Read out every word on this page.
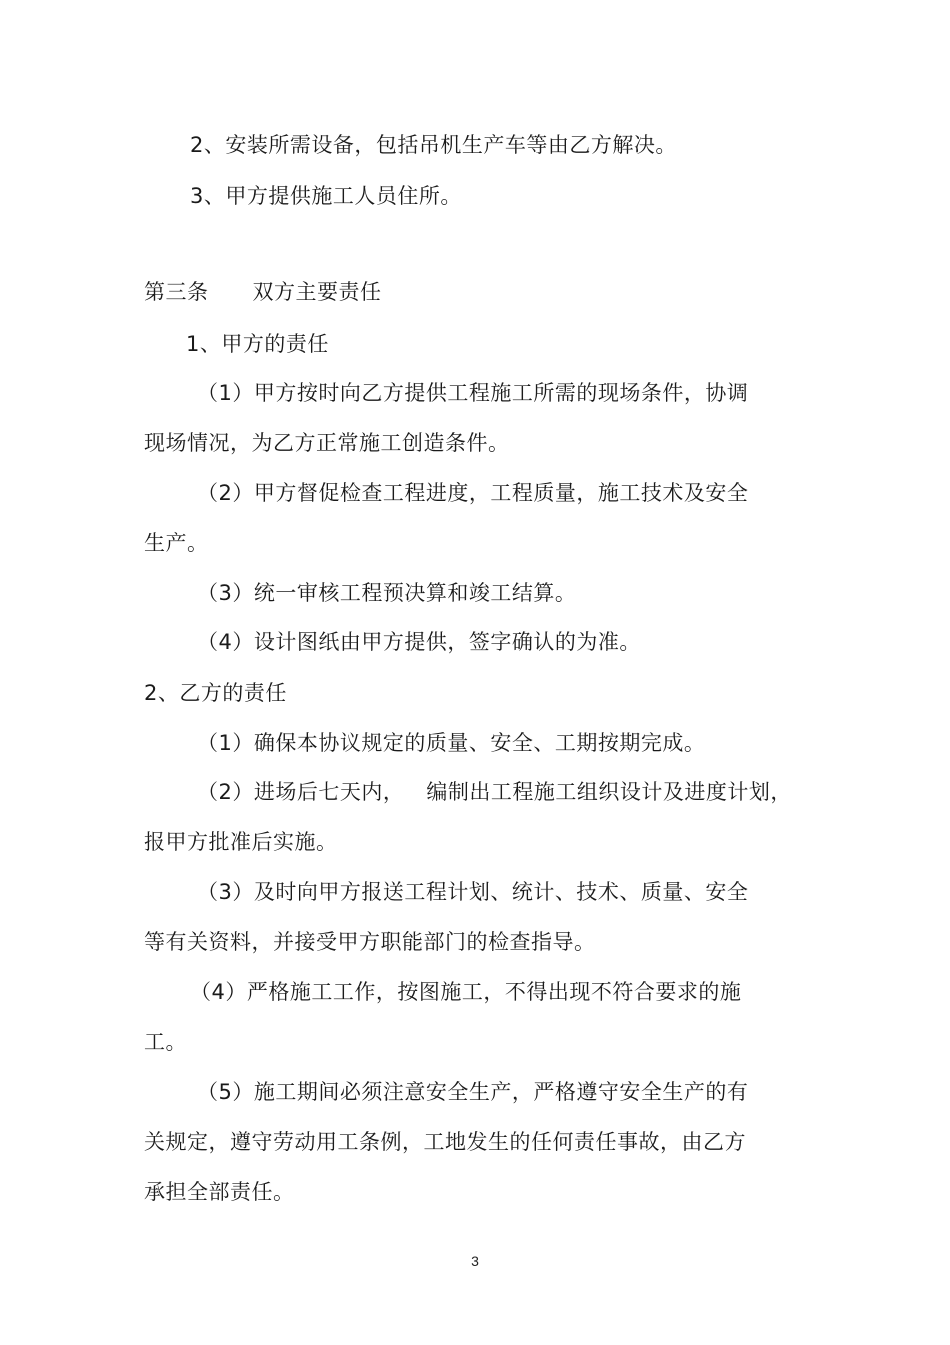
2、安装所需设备，包括吊机生产车等由乙方解决。
3、甲方提供施工人员住所。
第三条 双方主要责任
1、甲方的责任
（1）甲方按时向乙方提供工程施工所需的现场条件，协调
现场情况，为乙方正常施工创造条件。
（2）甲方督促检查工程进度，工程质量，施工技术及安全
生产。
（3）统一审核工程预决算和竣工结算。
（4）设计图纸由甲方提供，签字确认的为准。
2、乙方的责任
（1）确保本协议规定的质量、安全、工期按期完成。
（2）进场后七天内， 编制出工程施工组织设计及进度计划，
报甲方批准后实施。
（3）及时向甲方报送工程计划、统计、技术、质量、安全
等有关资料，并接受甲方职能部门的检查指导。
（4）严格施工工作，按图施工，不得出现不符合要求的施
工。
（5）施工期间必须注意安全生产，严格遵守安全生产的有
关规定，遵守劳动用工条例，工地发生的任何责任事故，由乙方
承担全部责任。
3
